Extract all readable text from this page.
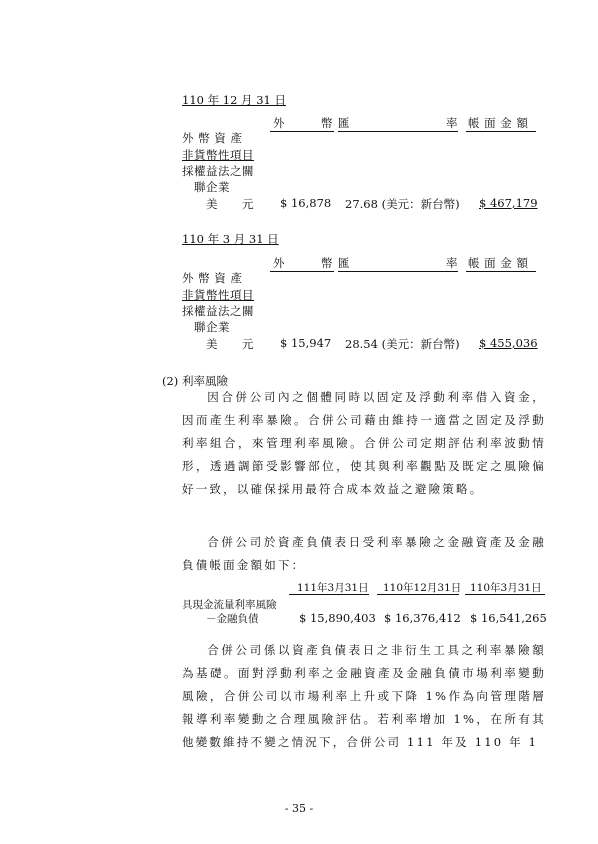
110 年 12 月 31 日
外　　　幣 匯　　　　　　　　率 帳 面 金 額
外 幣 資 產
非貨幣性項目
採權益法之關
聯企業
美　　元 $ 16,878 27.68 (美元：新台幣) $ 467,179
110 年 3 月 31 日
外　　　幣 匯　　　　　　　　率 帳 面 金 額
外 幣 資 產
非貨幣性項目
採權益法之關
聯企業
美　　元 $ 15,947 28.54 (美元：新台幣) $ 455,036
(2) 利率風險
因合併公司內之個體同時以固定及浮動利率借入資金，因而產生利率暴險。合併公司藉由維持一適當之固定及浮動利率組合，來管理利率風險。合併公司定期評估利率波動情形，透過調節受影響部位，使其與利率觀點及既定之風險偏好一致，以確保採用最符合成本效益之避險策略。
合併公司於資產負債表日受利率暴險之金融資產及金融負債帳面金額如下：
111年3月31日 110年12月31日 110年3月31日
具現金流量利率風險
－金融負債	$ 15,890,403 $ 16,376,412 $ 16,541,265
合併公司係以資產負債表日之非衍生工具之利率暴險額為基礎。面對浮動利率之金融資產及金融負債市場利率變動風險，合併公司以市場利率上升或下降 1%作為向管理階層報導利率變動之合理風險評估。若利率增加 1%，在所有其他變數維持不變之情況下，合併公司 111 年及 110 年 1
- 35 -
